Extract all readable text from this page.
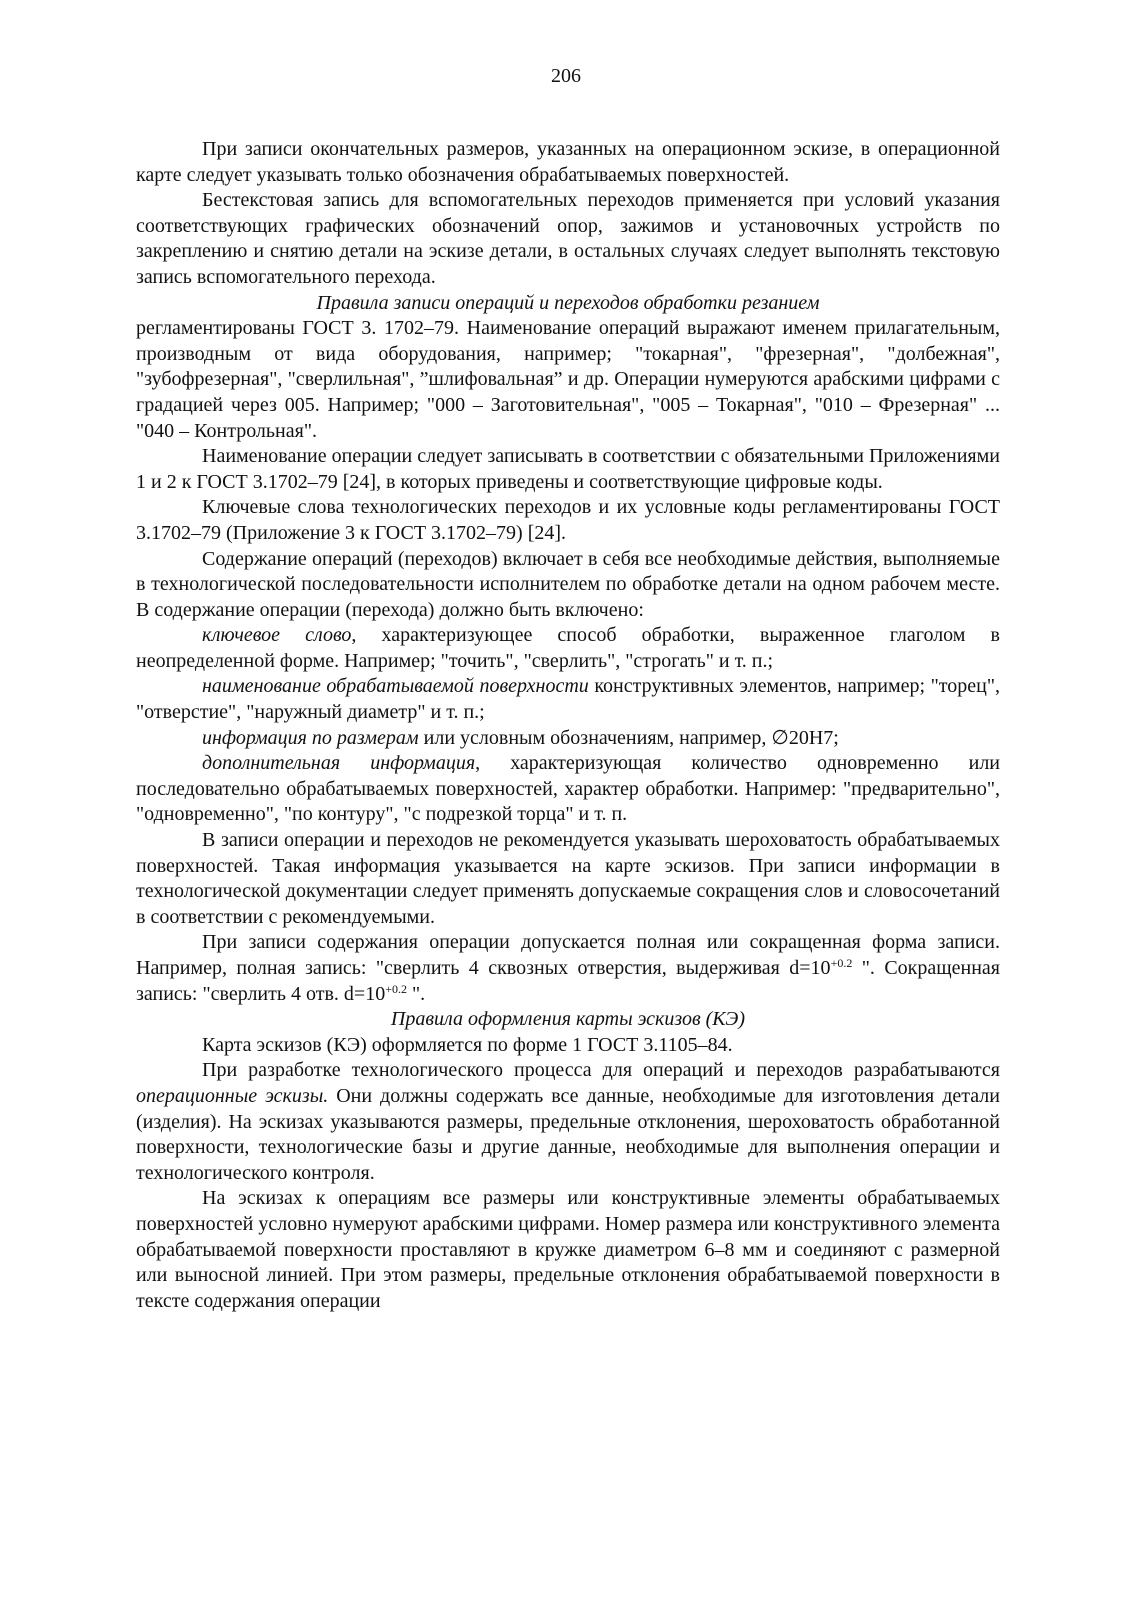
206

При записи окончательных размеров, указанных на операционном эскизе, в операционной карте следует указывать только обозначения обрабатываемых поверхностей.

Бестекстовая запись для вспомогательных переходов применяется при условий указания соответствующих графических обозначений опор, зажимов и установочных устройств по закреплению и снятию детали на эскизе детали, в остальных случаях следует выполнять текстовую запись вспомогательного перехода.

Правила записи операций и переходов обработки резанием

регламентированы ГОСТ 3. 1702–79. Наименование операций выражают именем прилагательным, производным от вида оборудования, например; "токарная", "фрезерная", "долбежная", "зубофрезерная", "сверлильная", ”шлифовальная” и др. Операции нумеруются арабскими цифрами с градацией через 005. Например; "000 – Заготовительная", "005 – Токарная", "010 – Фрезерная" ... "040 – Контрольная".

Наименование операции следует записывать в соответствии с обязательными Приложениями 1 и 2 к ГОСТ 3.1702–79 [24], в которых приведены и соответствующие цифровые коды.

Ключевые слова технологических переходов и их условные коды регламентированы ГОСТ 3.1702–79 (Приложение 3 к ГОСТ 3.1702–79) [24].

Содержание операций (переходов) включает в себя все необходимые действия, выполняемые в технологической последовательности исполнителем по обработке детали на одном рабочем месте. В содержание операции (перехода) должно быть включено:

ключевое слово, характеризующее способ обработки, выраженное глаголом в неопределенной форме. Например; "точить", "сверлить", "строгать" и т. п.;

наименование обрабатываемой поверхности конструктивных элементов, например; "торец", "отверстие", "наружный диаметр" и т. п.;

информация по размерам или условным обозначениям, например, ∅20Н7;

дополнительная информация, характеризующая количество одновременно или последовательно обрабатываемых поверхностей, характер обработки. Например: "предварительно", "одновременно", "по контуру", "с подрезкой торца" и т. п.

В записи операции и переходов не рекомендуется указывать шероховатость обрабатываемых поверхностей. Такая информация указывается на карте эскизов. При записи информации в технологической документации следует применять допускаемые сокращения слов и словосочетаний в соответствии с рекомендуемыми.

При записи содержания операции допускается полная или сокращенная форма записи. Например, полная запись: "сверлить 4 сквозных отверстия, выдерживая $d=10^{+0.2}$ ". Сокращенная запись: "сверлить 4 отв. $d=10^{+0.2}$ ".

Правила оформления карты эскизов (КЭ)

Карта эскизов (КЭ) оформляется по форме 1 ГОСТ 3.1105–84.

При разработке технологического процесса для операций и переходов разрабатываются операционные эскизы. Они должны содержать все данные, необходимые для изготовления детали (изделия). На эскизах указываются размеры, предельные отклонения, шероховатость обработанной поверхности, технологические базы и другие данные, необходимые для выполнения операции и технологического контроля.

На эскизах к операциям все размеры или конструктивные элементы обрабатываемых поверхностей условно нумеруют арабскими цифрами. Номер размера или конструктивного элемента обрабатываемой поверхности проставляют в кружке диаметром 6–8 мм и соединяют с размерной или выносной линией. При этом размеры, предельные отклонения обрабатываемой поверхности в тексте содержания операции
